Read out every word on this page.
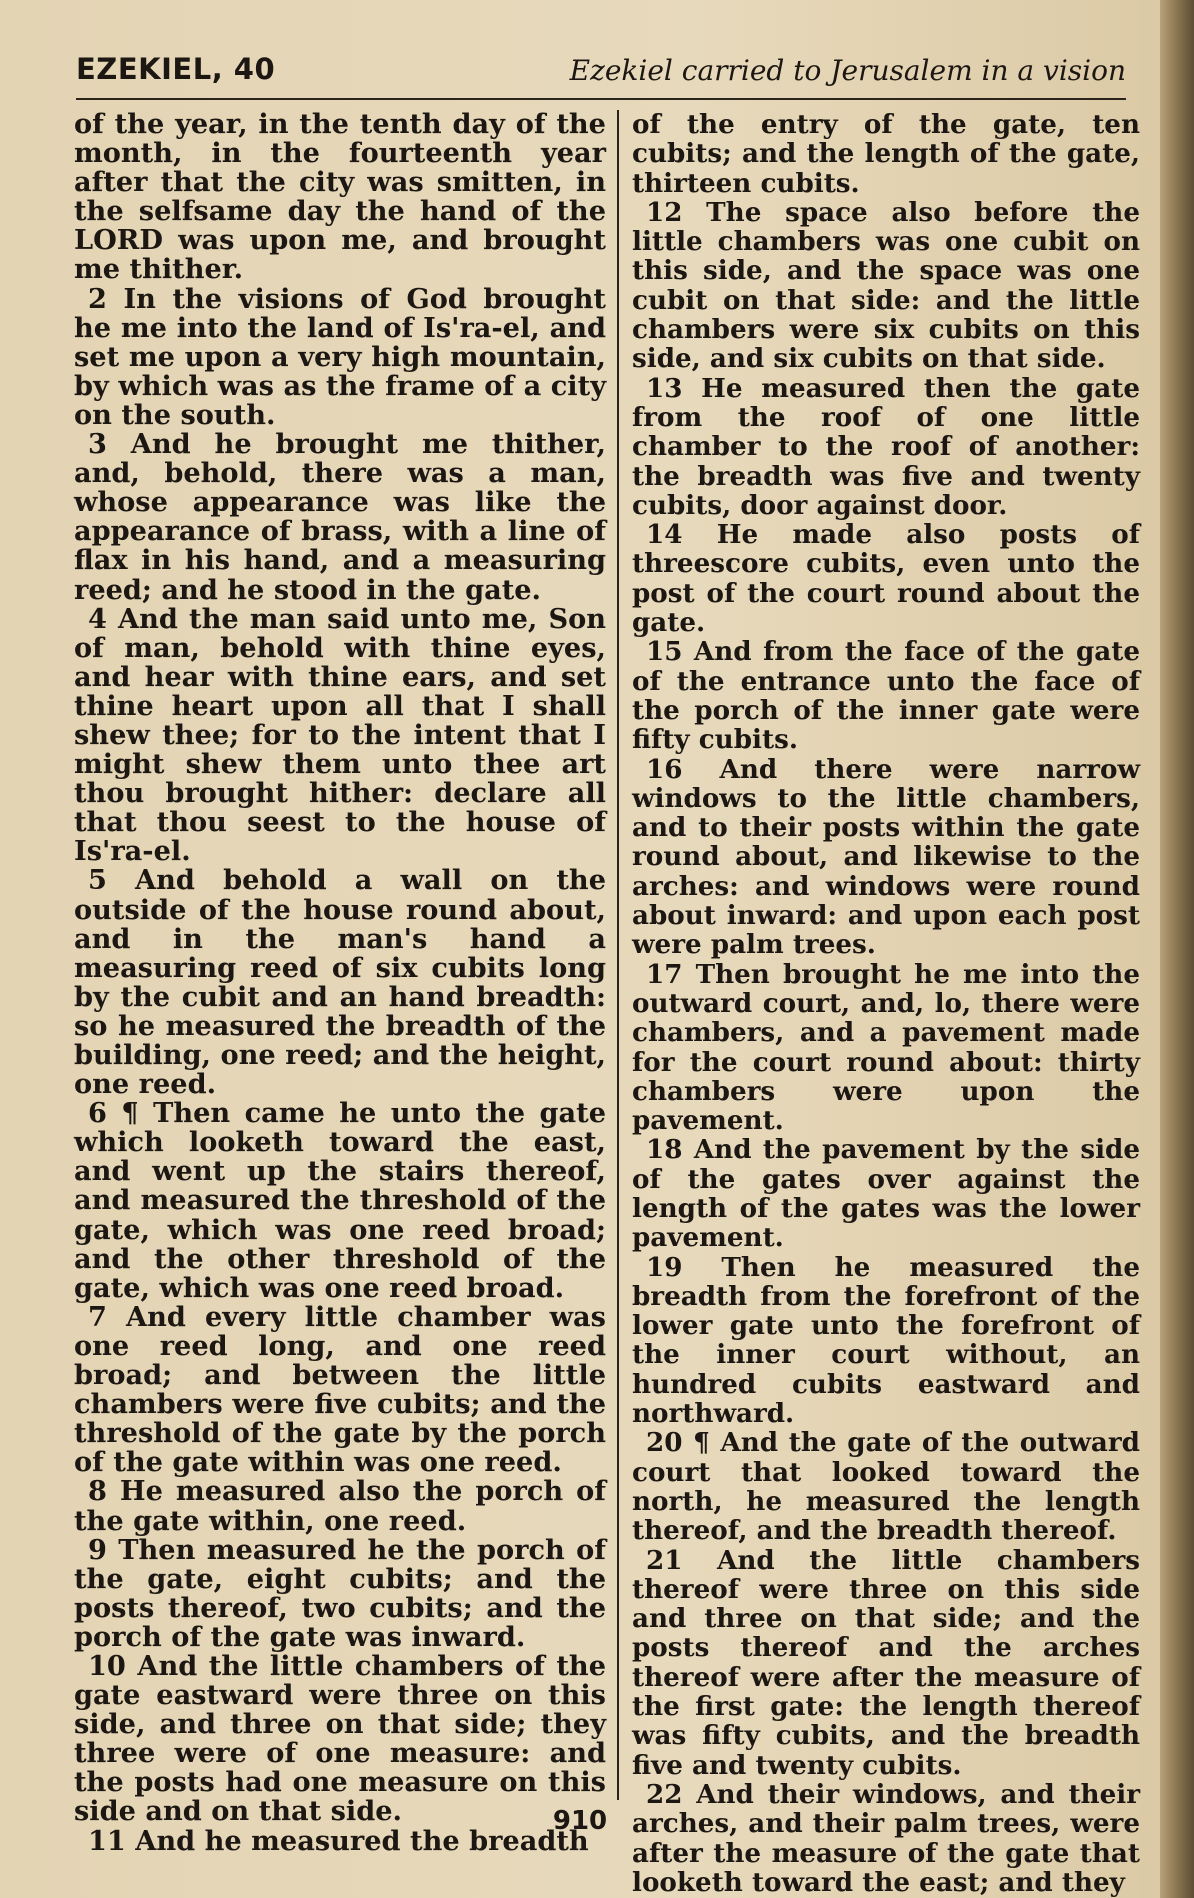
EZEKIEL, 40	Ezekiel carried to Jerusalem in a vision

of the year, in the tenth day of the month, in the fourteenth year after that the city was smitten, in the selfsame day the hand of the LORD was upon me, and brought me thither.

2 In the visions of God brought he me into the land of Is'ra-el, and set me upon a very high mountain, by which was as the frame of a city on the south.

3 And he brought me thither, and, behold, there was a man, whose appearance was like the appearance of brass, with a line of flax in his hand, and a measuring reed; and he stood in the gate.

4 And the man said unto me, Son of man, behold with thine eyes, and hear with thine ears, and set thine heart upon all that I shall shew thee; for to the intent that I might shew them unto thee art thou brought hither: declare all that thou seest to the house of Is'ra-el.

5 And behold a wall on the outside of the house round about, and in the man's hand a measuring reed of six cubits long by the cubit and an hand breadth: so he measured the breadth of the building, one reed; and the height, one reed.

6 ¶ Then came he unto the gate which looketh toward the east, and went up the stairs thereof, and measured the threshold of the gate, which was one reed broad; and the other threshold of the gate, which was one reed broad.

7 And every little chamber was one reed long, and one reed broad; and between the little chambers were five cubits; and the threshold of the gate by the porch of the gate within was one reed.

8 He measured also the porch of the gate within, one reed.

9 Then measured he the porch of the gate, eight cubits; and the posts thereof, two cubits; and the porch of the gate was inward.

10 And the little chambers of the gate eastward were three on this side, and three on that side; they three were of one measure: and the posts had one measure on this side and on that side.

11 And he measured the breadth

of the entry of the gate, ten cubits; and the length of the gate, thirteen cubits.

12 The space also before the little chambers was one cubit on this side, and the space was one cubit on that side: and the little chambers were six cubits on this side, and six cubits on that side.

13 He measured then the gate from the roof of one little chamber to the roof of another: the breadth was five and twenty cubits, door against door.

14 He made also posts of threescore cubits, even unto the post of the court round about the gate.

15 And from the face of the gate of the entrance unto the face of the porch of the inner gate were fifty cubits.

16 And there were narrow windows to the little chambers, and to their posts within the gate round about, and likewise to the arches: and windows were round about inward: and upon each post were palm trees.

17 Then brought he me into the outward court, and, lo, there were chambers, and a pavement made for the court round about: thirty chambers were upon the pavement.

18 And the pavement by the side of the gates over against the length of the gates was the lower pavement.

19 Then he measured the breadth from the forefront of the lower gate unto the forefront of the inner court without, an hundred cubits eastward and northward.

20 ¶ And the gate of the outward court that looked toward the north, he measured the length thereof, and the breadth thereof.

21 And the little chambers thereof were three on this side and three on that side; and the posts thereof and the arches thereof were after the measure of the first gate: the length thereof was fifty cubits, and the breadth five and twenty cubits.

22 And their windows, and their arches, and their palm trees, were after the measure of the gate that looketh toward the east; and they

910
